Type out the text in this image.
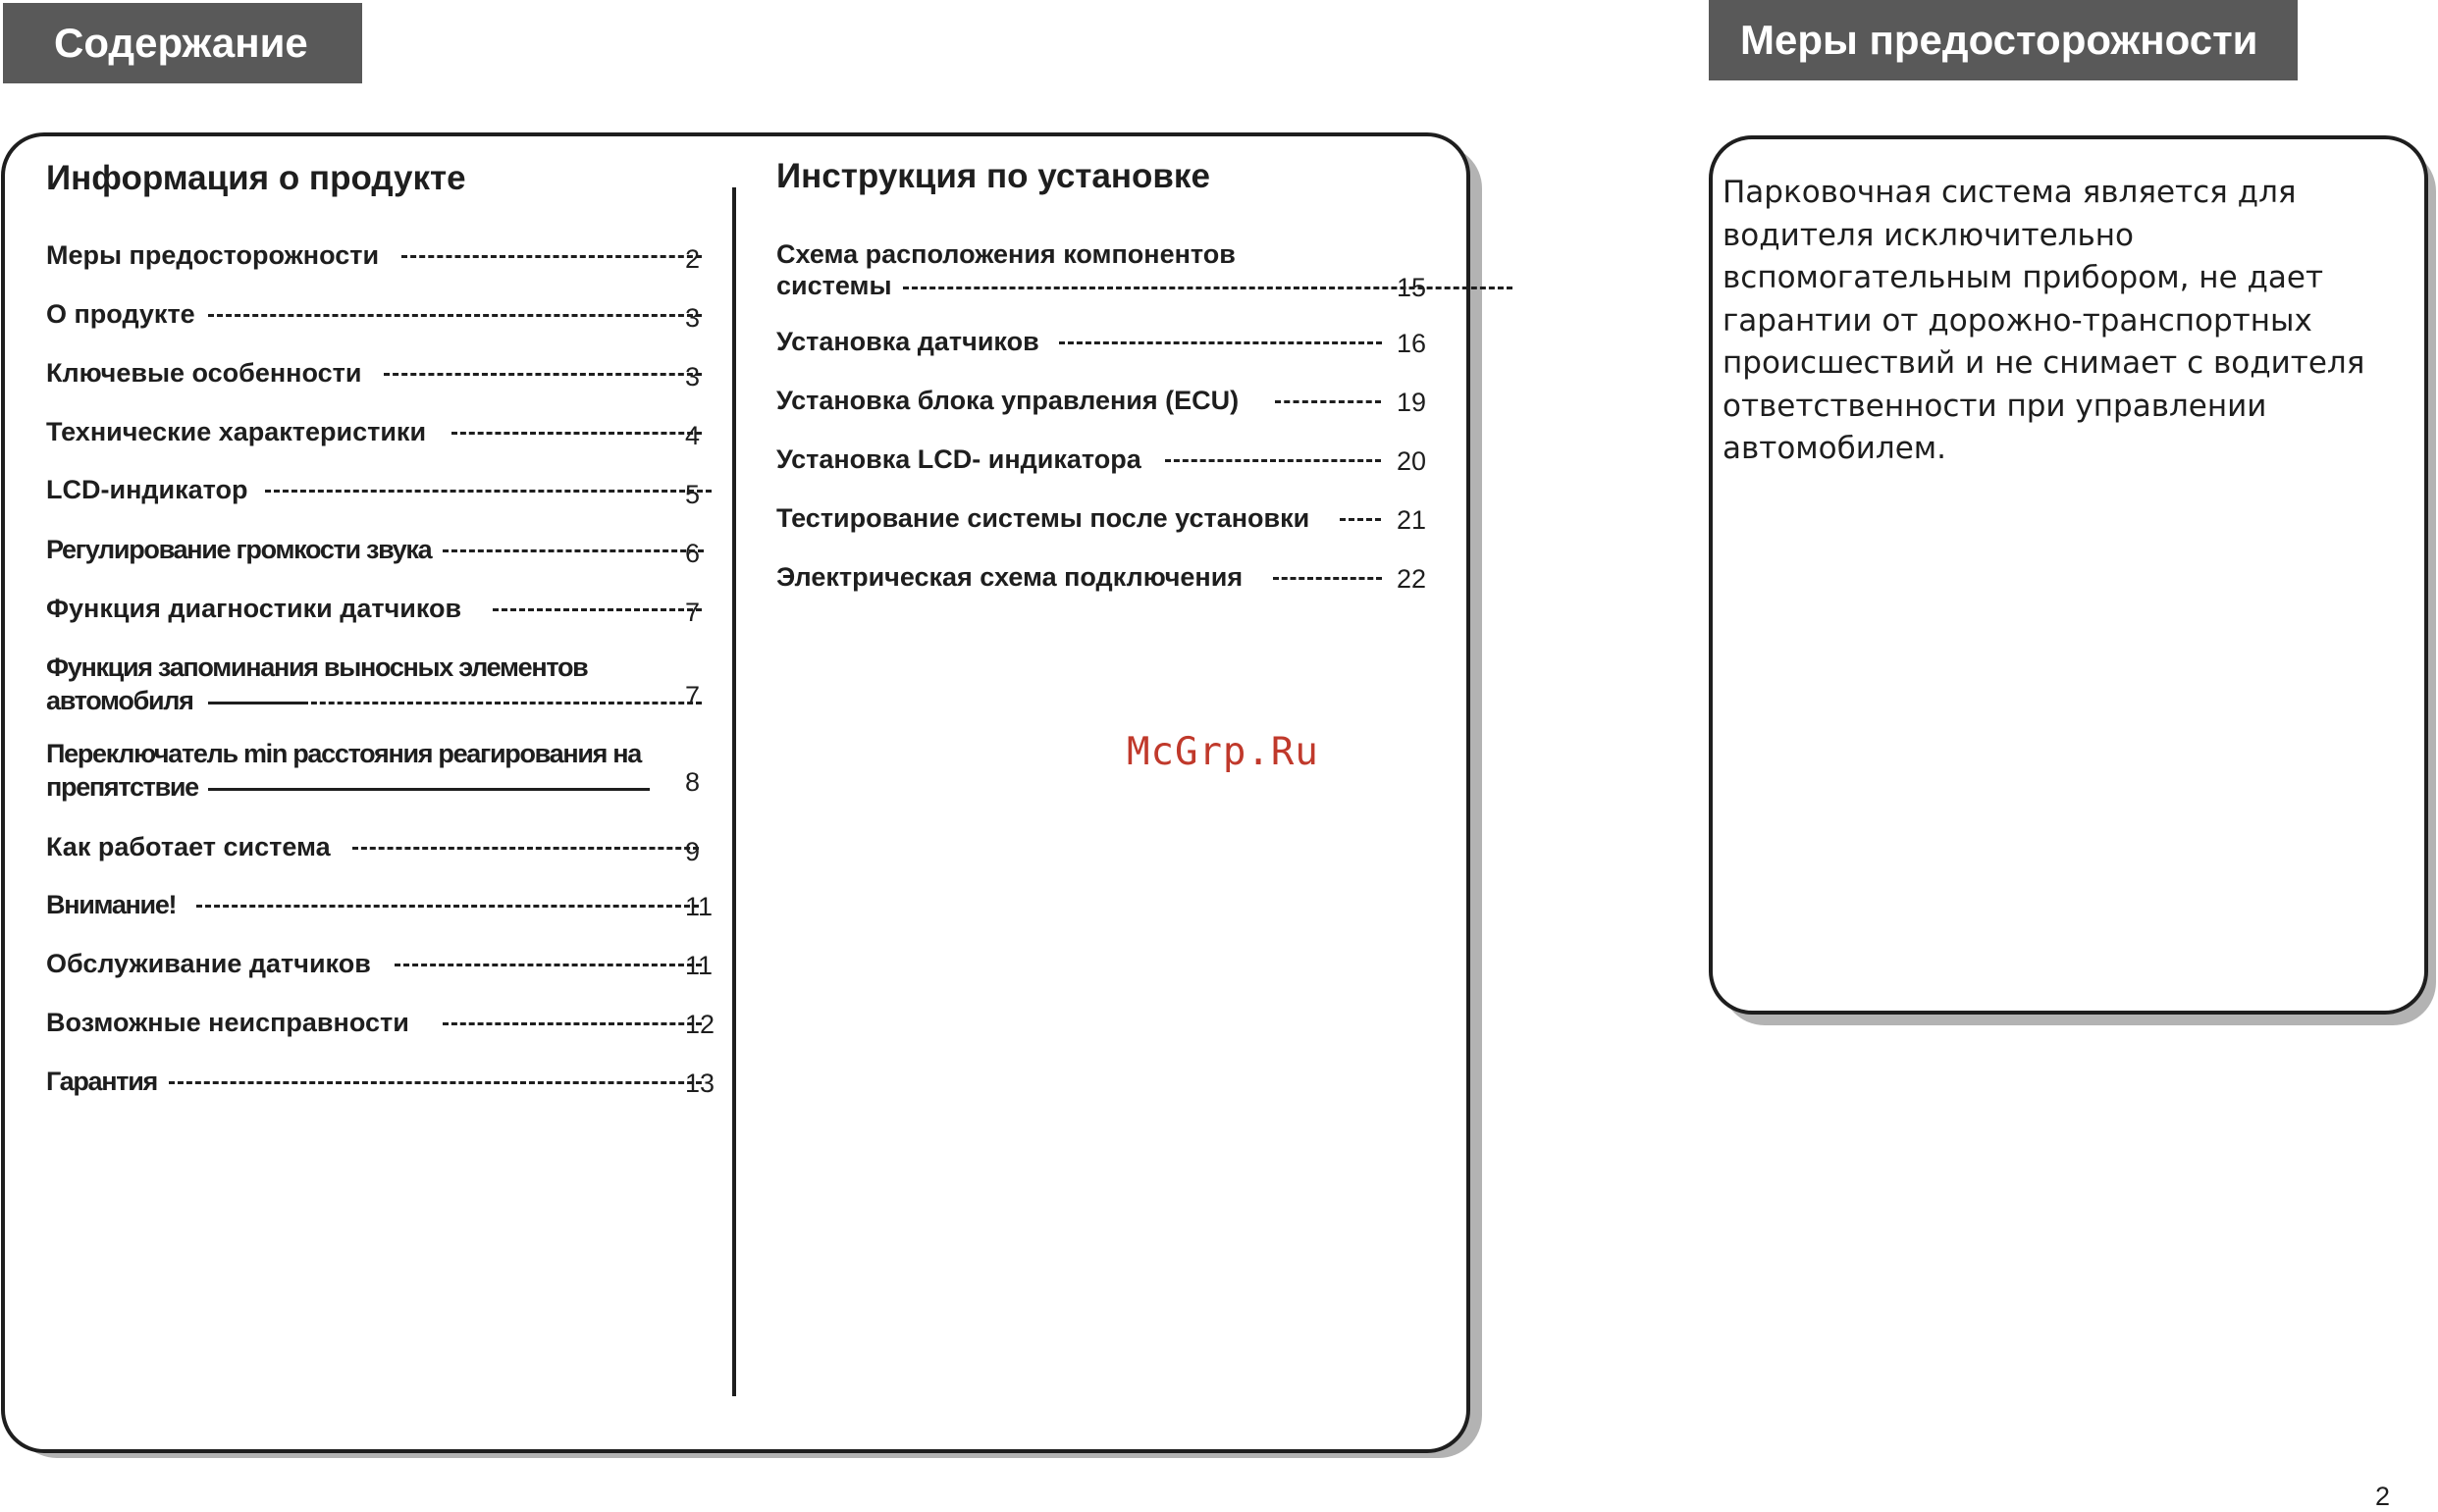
Содержание	Меры предосторожности
Информация о продукте	Инструкция по установке
Меры предосторожности	2
О продукте	3
Ключевые особенности	3
Технические характеристики	4
LCD-индикатор	5
Регулирование громкости звука	6
Функция диагностики датчиков	7
Функция запоминания выносных элементов
автомобиля	7
Переключатель min расстояния реагирования на
препятствие	8
Как работает система	9
Внимание!	11
Обслуживание датчиков	11
Возможные неисправности	12
Гарантия	13
Схема расположения компонентов
системы	15
Установка датчиков	16
Установка блока управления (ECU)	19
Установка LCD- индикатора	20
Тестирование системы после установки	21
Электрическая схема подключения	22
McGrp.Ru
Парковочная система является для водителя исключительно вспомогательным прибором, не дает гарантии от дорожно-транспортных происшествий и не снимает с водителя ответственности при управлении автомобилем.
2
